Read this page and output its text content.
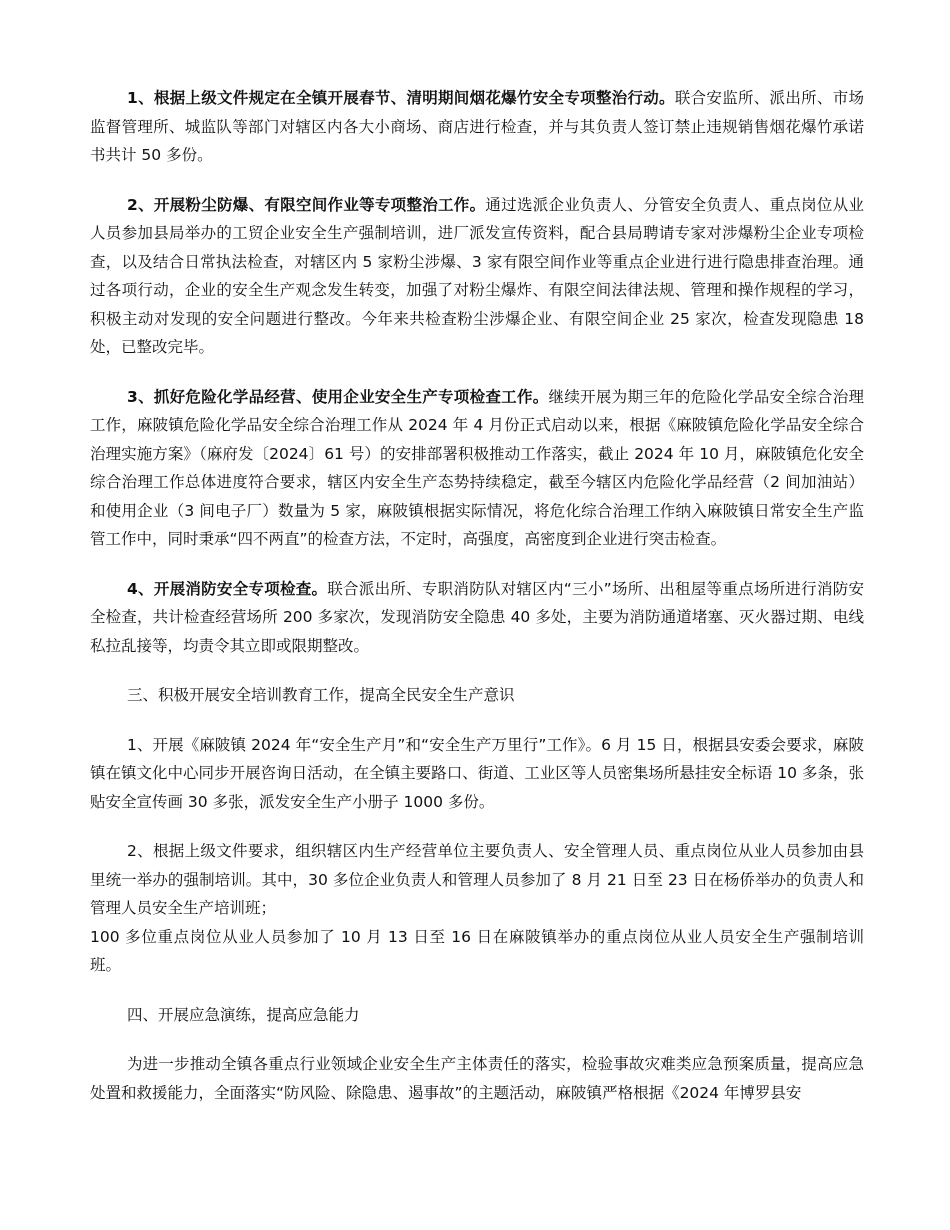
1、根据上级文件规定在全镇开展春节、清明期间烟花爆竹安全专项整治行动。联合安监所、派出所、市场监督管理所、城监队等部门对辖区内各大小商场、商店进行检查，并与其负责人签订禁止违规销售烟花爆竹承诺书共计 50 多份。

2、开展粉尘防爆、有限空间作业等专项整治工作。通过选派企业负责人、分管安全负责人、重点岗位从业人员参加县局举办的工贸企业安全生产强制培训，进厂派发宣传资料，配合县局聘请专家对涉爆粉尘企业专项检查，以及结合日常执法检查，对辖区内 5 家粉尘涉爆、3 家有限空间作业等重点企业进行进行隐患排查治理。通过各项行动，企业的安全生产观念发生转变，加强了对粉尘爆炸、有限空间法律法规、管理和操作规程的学习，积极主动对发现的安全问题进行整改。今年来共检查粉尘涉爆企业、有限空间企业 25 家次，检查发现隐患 18 处，已整改完毕。

3、抓好危险化学品经营、使用企业安全生产专项检查工作。继续开展为期三年的危险化学品安全综合治理工作，麻陂镇危险化学品安全综合治理工作从 2024 年 4 月份正式启动以来，根据《麻陂镇危险化学品安全综合治理实施方案》（麻府发〔2024〕61 号）的安排部署积极推动工作落实，截止 2024 年 10 月，麻陂镇危化安全综合治理工作总体进度符合要求，辖区内安全生产态势持续稳定，截至今辖区内危险化学品经营（2 间加油站）和使用企业（3 间电子厂）数量为 5 家，麻陂镇根据实际情况，将危化综合治理工作纳入麻陂镇日常安全生产监管工作中，同时秉承“四不两直”的检查方法，不定时，高强度，高密度到企业进行突击检查。

4、开展消防安全专项检查。联合派出所、专职消防队对辖区内“三小”场所、出租屋等重点场所进行消防安全检查，共计检查经营场所 200 多家次，发现消防安全隐患 40 多处，主要为消防通道堵塞、灭火器过期、电线私拉乱接等，均责令其立即或限期整改。

三、积极开展安全培训教育工作，提高全民安全生产意识

1、开展《麻陂镇 2024 年“安全生产月”和“安全生产万里行”工作》。6 月 15 日，根据县安委会要求，麻陂镇在镇文化中心同步开展咨询日活动，在全镇主要路口、街道、工业区等人员密集场所悬挂安全标语 10 多条，张贴安全宣传画 30 多张，派发安全生产小册子 1000 多份。

2、根据上级文件要求，组织辖区内生产经营单位主要负责人、安全管理人员、重点岗位从业人员参加由县里统一举办的强制培训。其中，30 多位企业负责人和管理人员参加了 8 月 21 日至 23 日在杨侨举办的负责人和管理人员安全生产培训班；

100 多位重点岗位从业人员参加了 10 月 13 日至 16 日在麻陂镇举办的重点岗位从业人员安全生产强制培训班。

四、开展应急演练，提高应急能力

为进一步推动全镇各重点行业领域企业安全生产主体责任的落实，检验事故灾难类应急预案质量，提高应急处置和救援能力，全面落实“防风险、除隐患、遏事故”的主题活动，麻陂镇严格根据《2024 年博罗县安
